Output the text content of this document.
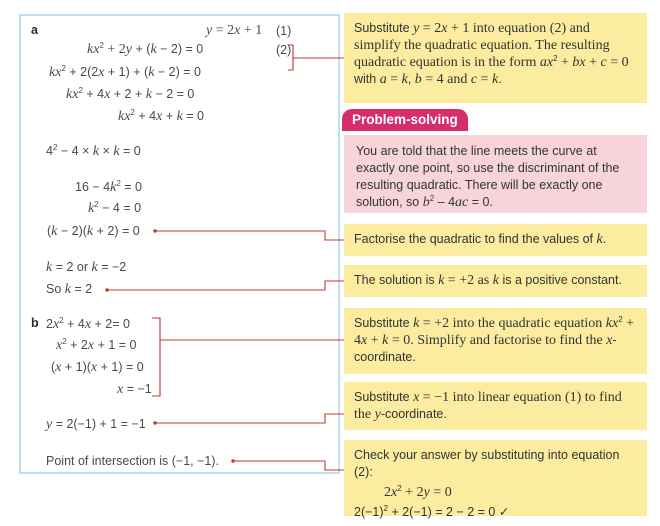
a	y = 2x + 1 (1)
$kx^2 + 2y + (k - 2) = 0$	(2)
$kx^2 + 2(2x + 1) + (k - 2) = 0$
$kx^2 + 4x + 2 + k - 2 = 0$
$kx^2 + 4x + k = 0$
$4^2 - 4 \times k \times k = 0$
$16 - 4k^2 = 0$
$k^2 - 4 = 0$
(k − 2)(k + 2) = 0
k = 2 or k = −2
So k = 2
b $2x^2 + 4x + 2= 0$
$x^2 + 2x + 1 = 0$
(x + 1)(x + 1) = 0
x = −1
y = 2(−1) + 1 = −1
Point of intersection is (−1, −1).
Substitute y = 2x + 1 into equation (2) and simplify the quadratic equation. The resulting quadratic equation is in the form $ax^2$ + bx + c = 0
with a = k, b = 4 and c = k.
Problem-solving
You are told that the line meets the curve at exactly one point, so use the discriminant of the resulting quadratic. There will be exactly one solution, so $b^2 - 4ac = 0$.
Factorise the quadratic to find the values of k.
The solution is k = +2 as k is a positive constant.
Substitute k = +2 into the quadratic equation $kx^2 + 4x + k = 0$. Simplify and factorise to find the x-coordinate.
Substitute x = −1 into linear equation (1) to find the y-coordinate.
Check your answer by substituting into equation (2):
$2x^2 + 2y = 0$
$2(-1)^2 + 2(-1) = 2 - 2 = 0$ ✓
